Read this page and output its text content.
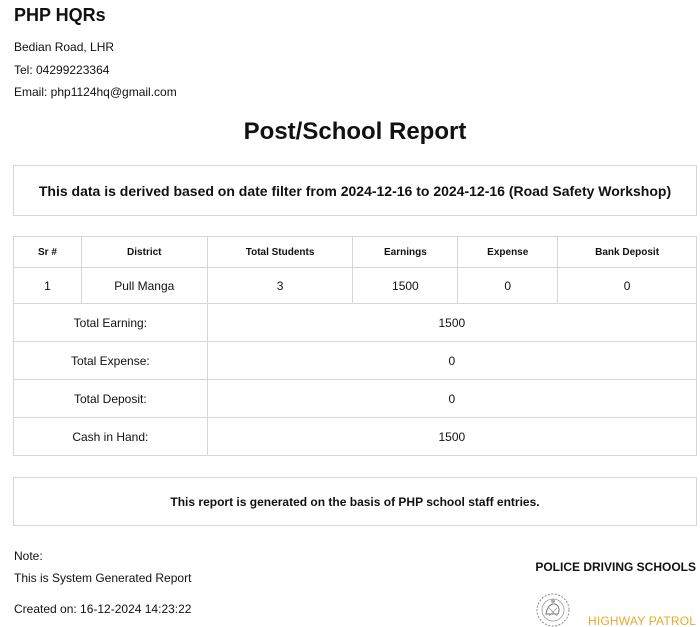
PHP HQRs
Bedian Road, LHR
Tel: 04299223364
Email: php1124hq@gmail.com
Post/School Report
This data is derived based on date filter from 2024-12-16 to 2024-12-16 (Road Safety Workshop)
Sr #	District	Total Students	Earnings	Expense	Bank Deposit
1	Pull Manga	3	1500	0	0
Total Earning:		1500			
Total Expense:		0			
Total Deposit:		0			
Cash in Hand:		1500			
This report is generated on the basis of PHP school staff entries.
Note:
This is System Generated Report
Created on: 16-12-2024 14:23:22
POLICE DRIVING SCHOOLS
HIGHWAY PATROL
